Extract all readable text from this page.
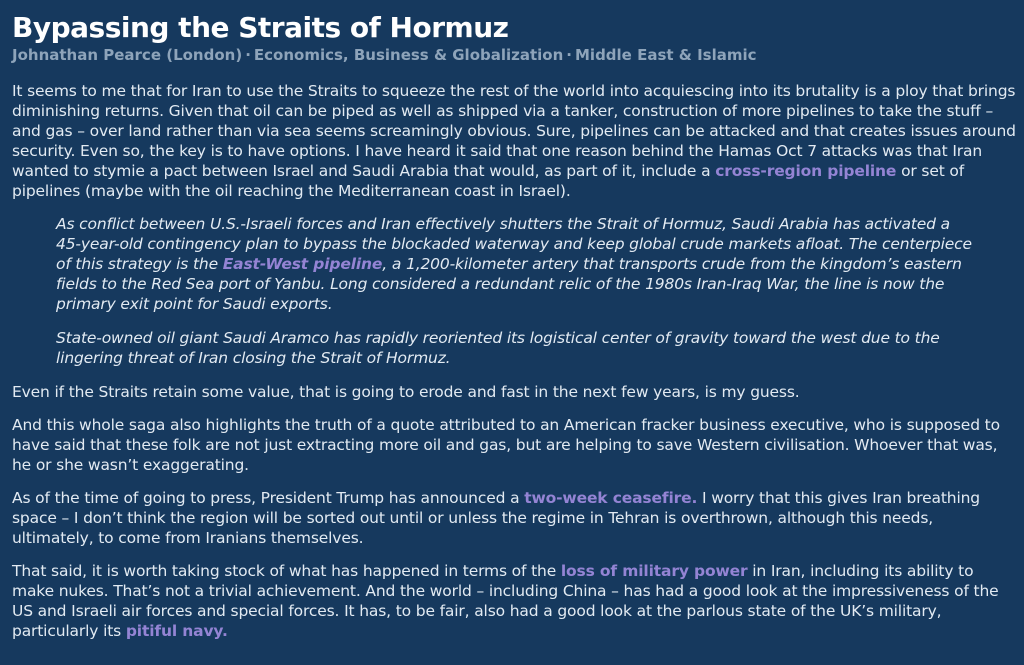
Bypassing the Straits of Hormuz
Johnathan Pearce (London) · Economics, Business & Globalization · Middle East & Islamic

It seems to me that for Iran to use the Straits to squeeze the rest of the world into acquiescing into its brutality is a ploy that brings diminishing returns. Given that oil can be piped as well as shipped via a tanker, construction of more pipelines to take the stuff – and gas – over land rather than via sea seems screamingly obvious. Sure, pipelines can be attacked and that creates issues around security. Even so, the key is to have options. I have heard it said that one reason behind the Hamas Oct 7 attacks was that Iran wanted to stymie a pact between Israel and Saudi Arabia that would, as part of it, include a cross-region pipeline or set of pipelines (maybe with the oil reaching the Mediterranean coast in Israel).

As conflict between U.S.-Israeli forces and Iran effectively shutters the Strait of Hormuz, Saudi Arabia has activated a 45-year-old contingency plan to bypass the blockaded waterway and keep global crude markets afloat. The centerpiece of this strategy is the East-West pipeline, a 1,200-kilometer artery that transports crude from the kingdom’s eastern fields to the Red Sea port of Yanbu. Long considered a redundant relic of the 1980s Iran-Iraq War, the line is now the primary exit point for Saudi exports.

State-owned oil giant Saudi Aramco has rapidly reoriented its logistical center of gravity toward the west due to the lingering threat of Iran closing the Strait of Hormuz.

Even if the Straits retain some value, that is going to erode and fast in the next few years, is my guess.

And this whole saga also highlights the truth of a quote attributed to an American fracker business executive, who is supposed to have said that these folk are not just extracting more oil and gas, but are helping to save Western civilisation. Whoever that was, he or she wasn’t exaggerating.

As of the time of going to press, President Trump has announced a two-week ceasefire. I worry that this gives Iran breathing space – I don’t think the region will be sorted out until or unless the regime in Tehran is overthrown, although this needs, ultimately, to come from Iranians themselves.

That said, it is worth taking stock of what has happened in terms of the loss of military power in Iran, including its ability to make nukes. That’s not a trivial achievement. And the world – including China – has had a good look at the impressiveness of the US and Israeli air forces and special forces. It has, to be fair, also had a good look at the parlous state of the UK’s military, particularly its pitiful navy.
